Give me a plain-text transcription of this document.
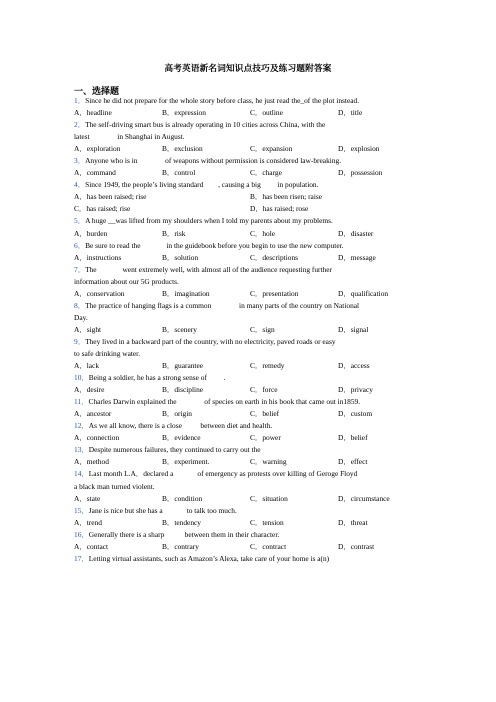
高考英语新名词知识点技巧及练习题附答案
一、选择题
1．Since he did not prepare for the whole story before class, he just read the_of the plot instead.
A．headline	B．expression	C．outline	D．title
2．The self-driving smart bus is already operating in 10 cities across China, with the
latest               in Shanghai in August.
A．exploration	B．exclusion	C．expansion	D．explosion
3．Anyone who is in               of weapons without permission is considered law-breaking.
A．command	B．control	C．charge	D．possession
4．Since 1949, the people’s living standard        , causing a big         in population.
A．has been raised; rise	B．has been risen; raise
C．has raised; rise	D．has raised; rose
5．A huge __was lifted from my shoulders when I told my parents about my problems.
A．burden	B．risk	C．hole	D．disaster
6．Be sure to read the              in the guidebook before you begin to use the new computer.
A．instructions	B．solution	C．descriptions	D．message
7．The              went extremely well, with almost all of the audience requesting further
information about our 5G products.
A．conservation	B．imagination	C．presentation	D．qualification
8．The practice of hanging flags is a common               in many parts of the country on National
Day.
A．sight	B．scenery	C．sign	D．signal
9．They lived in a backward part of the country, with no electricity, paved roads or easy
to safe drinking water.
A．lack	B．guarantee	C．remedy	D．access
10．Being a soldier, he has a strong sense of         .
A．desire	B．discipline	C．force	D．privacy
11．Charles Darwin explained the               of species on earth in his book that came out in1859.
A．ancestor	B．origin	C．belief	D．custom
12．As we all know, there is a close          between diet and health.
A．connection	B．evidence	C．power	D．belief
13．Despite numerous failures, they continued to carry out the
A．method	B．experiment.	C．warning	D．effect
14．Last month L.A．declared a             of emergency as protests over killing of Geroge Floyd
a black man turned violent.
A．state	B．condition	C．situation	D．circumstance
15．Jane is nice but she has a             to talk too much.
A．trend	B．tendency	C．tension	D．threat
16．Generally there is a sharp           between them in their character.
A．contact	B．contrary	C．contract	D．contrast
17．Letting virtual assistants, such as Amazon’s Alexa, take care of your home is a(n)
